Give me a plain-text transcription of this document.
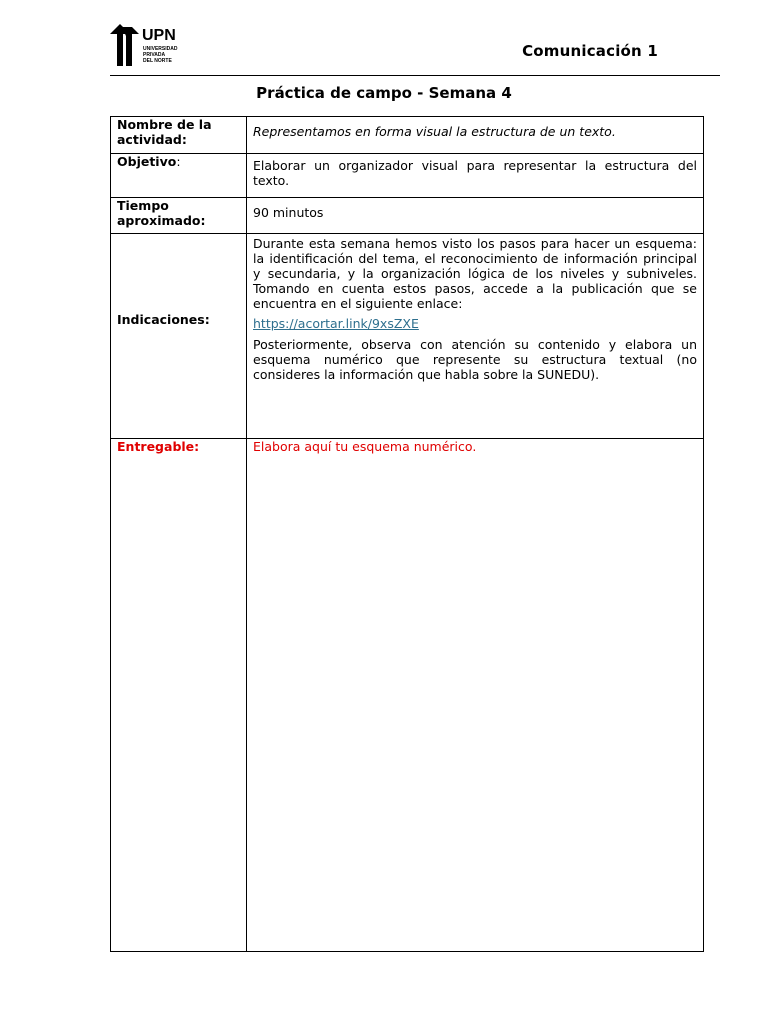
UPN
UNIVERSIDAD
PRIVADA
DEL NORTE
Comunicación 1
Práctica de campo - Semana 4
Nombre de la actividad:	Representamos en forma visual la estructura de un texto.
Objetivo:	Elaborar un organizador visual para representar la estructura del texto.
Tiempo aproximado:	90 minutos
Indicaciones:	Durante esta semana hemos visto los pasos para hacer un esquema: la identificación del tema, el reconocimiento de información principal y secundaria, y la organización lógica de los niveles y subniveles. Tomando en cuenta estos pasos, accede a la publicación que se encuentra en el siguiente enlace:

https://acortar.link/9xsZXE

Posteriormente, observa con atención su contenido y elabora un esquema numérico que represente su estructura textual (no consideres la información que habla sobre la SUNEDU).

Entregable:	Elabora aquí tu esquema numérico.
